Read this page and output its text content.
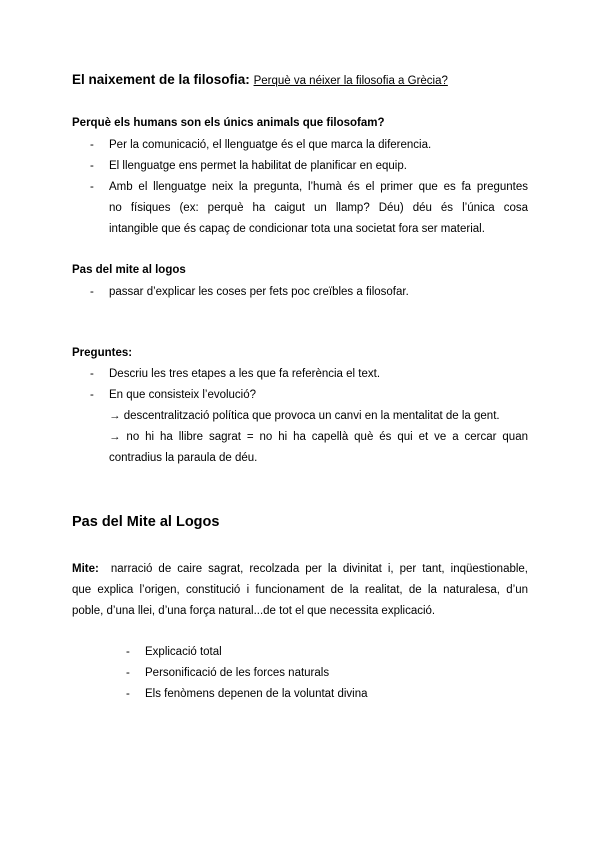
El naixement de la filosofia: Perquè va néixer la filosofia a Grècia?
Perquè els humans son els únics animals que filosofam?
- Per la comunicació, el llenguatge és el que marca la diferencia.
- El llenguatge ens permet la habilitat de planificar en equip.
- Amb el llenguatge neix la pregunta, l’humà és el primer que es fa preguntes
no físiques (ex: perquè ha caigut un llamp? Déu) déu és l’única cosa
intangible que és capaç de condicionar tota una societat fora ser material.
Pas del mite al logos
- passar d’explicar les coses per fets poc creïbles a filosofar.
Preguntes:
- Descriu les tres etapes a les que fa referència el text.
- En que consisteix l’evolució?
→ descentralització política que provoca un canvi en la mentalitat de la gent.
→ no hi ha llibre sagrat = no hi ha capellà què és qui et ve a cercar quan
contradius la paraula de déu.
Pas del Mite al Logos
Mite: narració de caire sagrat, recolzada per la divinitat i, per tant, inqüestionable,
que explica l’origen, constitució i funcionament de la realitat, de la naturalesa, d’un
poble, d’una llei, d’una força natural...de tot el que necessita explicació.
- Explicació total
- Personificació de les forces naturals
- Els fenòmens depenen de la voluntat divina
